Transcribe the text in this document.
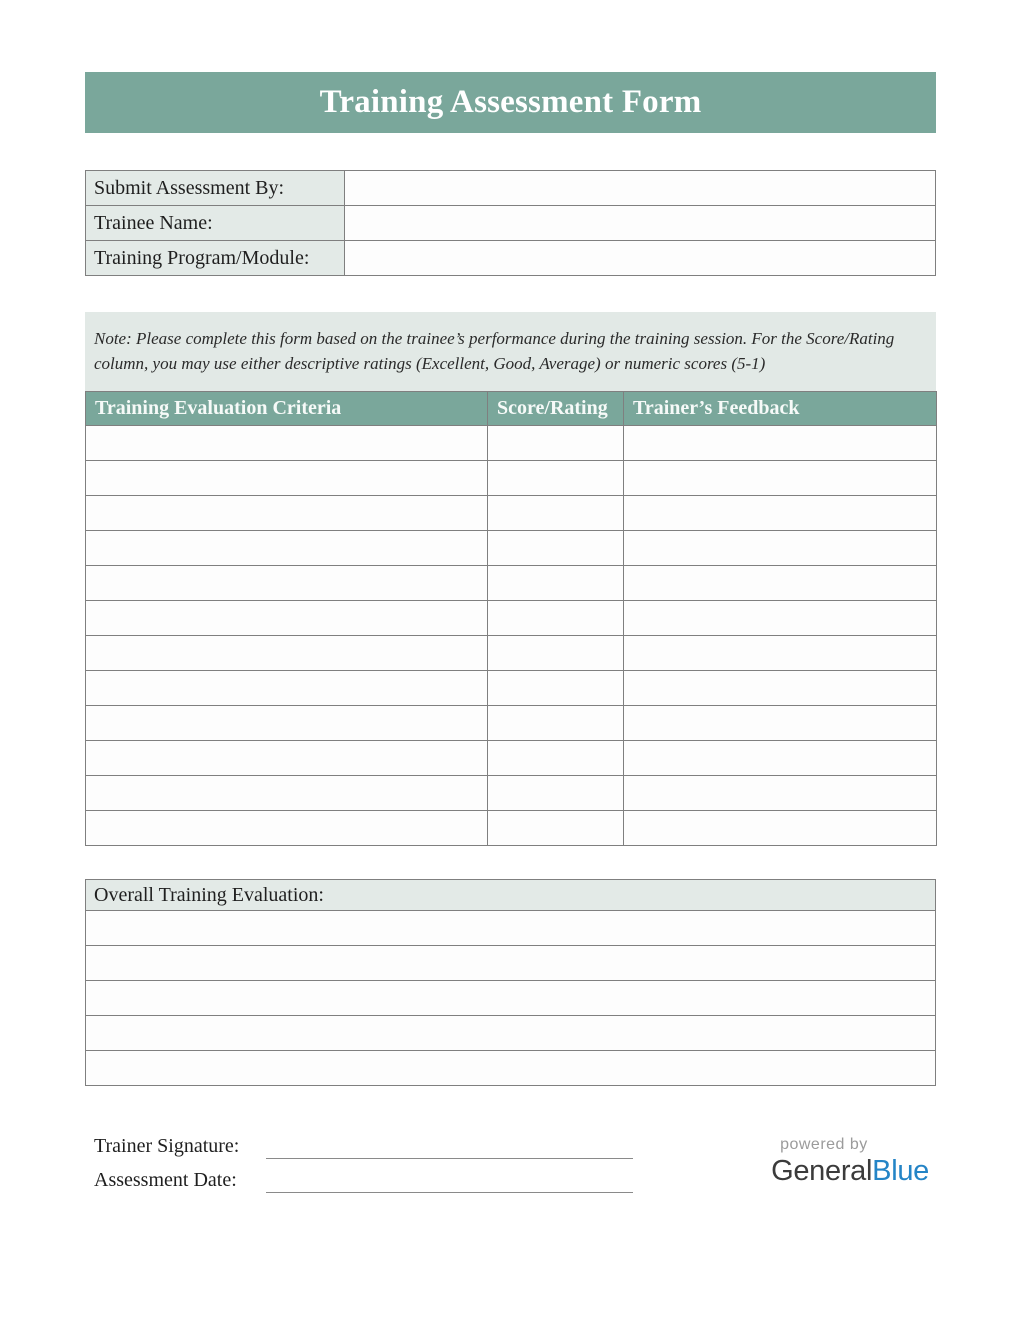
Training Assessment Form
Submit Assessment By:	
Trainee Name:	
Training Program/Module:	
Note: Please complete this form based on the trainee’s performance during the training session. For the Score/Rating column, you may use either descriptive ratings (Excellent, Good, Average) or numeric scores (5-1)
Training Evaluation Criteria	Score/Rating	Trainer’s Feedback

Overall Training Evaluation:

Trainer Signature:
Assessment Date:
powered by
GeneralBlue
